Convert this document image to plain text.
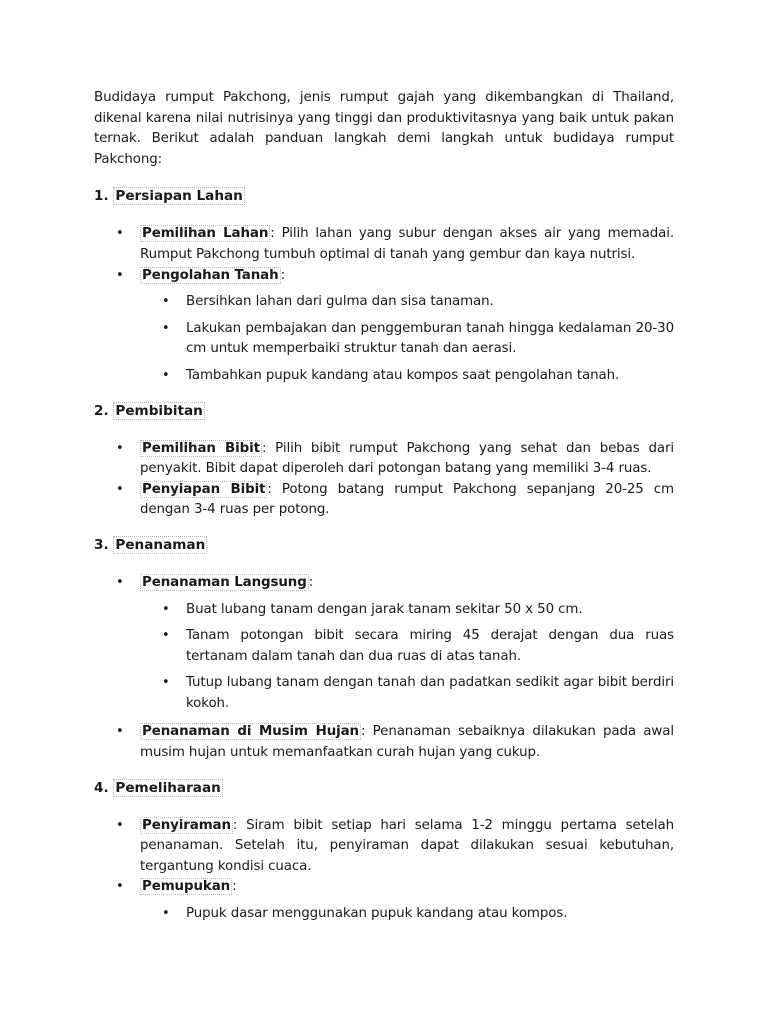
Budidaya rumput Pakchong, jenis rumput gajah yang dikembangkan di Thailand, dikenal karena nilai nutrisinya yang tinggi dan produktivitasnya yang baik untuk pakan ternak. Berikut adalah panduan langkah demi langkah untuk budidaya rumput Pakchong:

1. Persiapan Lahan
• Pemilihan Lahan : Pilih lahan yang subur dengan akses air yang memadai. Rumput Pakchong tumbuh optimal di tanah yang gembur dan kaya nutrisi.
• Pengolahan Tanah :
• Bersihkan lahan dari gulma dan sisa tanaman.
• Lakukan pembajakan dan penggemburan tanah hingga kedalaman 20-30 cm untuk memperbaiki struktur tanah dan aerasi.
• Tambahkan pupuk kandang atau kompos saat pengolahan tanah.
2. Pembibitan
• Pemilihan Bibit : Pilih bibit rumput Pakchong yang sehat dan bebas dari penyakit. Bibit dapat diperoleh dari potongan batang yang memiliki 3-4 ruas.
• Penyiapan Bibit : Potong batang rumput Pakchong sepanjang 20-25 cm dengan 3-4 ruas per potong.
3. Penanaman
• Penanaman Langsung :
• Buat lubang tanam dengan jarak tanam sekitar 50 x 50 cm.
• Tanam potongan bibit secara miring 45 derajat dengan dua ruas tertanam dalam tanah dan dua ruas di atas tanah.
• Tutup lubang tanam dengan tanah dan padatkan sedikit agar bibit berdiri kokoh.
• Penanaman di Musim Hujan : Penanaman sebaiknya dilakukan pada awal musim hujan untuk memanfaatkan curah hujan yang cukup.
4. Pemeliharaan
• Penyiraman : Siram bibit setiap hari selama 1-2 minggu pertama setelah penanaman. Setelah itu, penyiraman dapat dilakukan sesuai kebutuhan, tergantung kondisi cuaca.
• Pemupukan :
• Pupuk dasar menggunakan pupuk kandang atau kompos.
